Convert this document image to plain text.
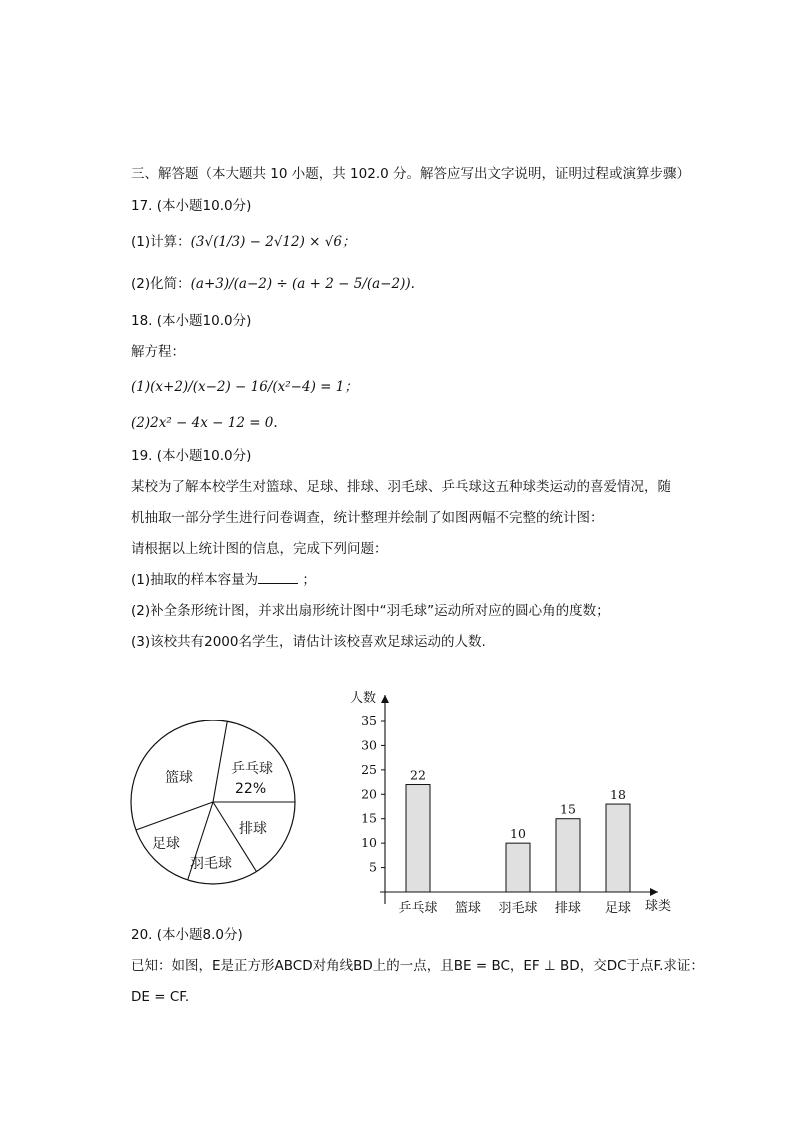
三、解答题（本大题共 10 小题，共 102.0 分。解答应写出文字说明，证明过程或演算步骤）
17. (本小题10.0分)
(1)计算：(3√(1/3) − 2√12) × √6；
(2)化简：(a+3)/(a−2) ÷ (a + 2 − 5/(a−2)).
18. (本小题10.0分)
解方程：
(1)(x+2)/(x−2) − 16/(x²−4) = 1；
(2)2x² − 4x − 12 = 0.
19. (本小题10.0分)
某校为了解本校学生对篮球、足球、排球、羽毛球、乒乓球这五种球类运动的喜爱情况，随
机抽取一部分学生进行问卷调查，统计整理并绘制了如图两幅不完整的统计图：
请根据以上统计图的信息，完成下列问题：
(1)抽取的样本容量为	；
(2)补全条形统计图，并求出扇形统计图中“羽毛球”运动所对应的圆心角的度数；
(3)该校共有2000名学生，请估计该校喜欢足球运动的人数.
篮球
乒乓球
22%
排球
羽毛球
足球
人数
球类
5
10
15
20
25
30
35
22
10
15
18
乒乓球 篮球 羽毛球 排球 足球
20. (本小题8.0分)
已知：如图，E是正方形ABCD对角线BD上的一点，且BE = BC，EF ⊥ BD，交DC于点F.求证：
DE = CF.
